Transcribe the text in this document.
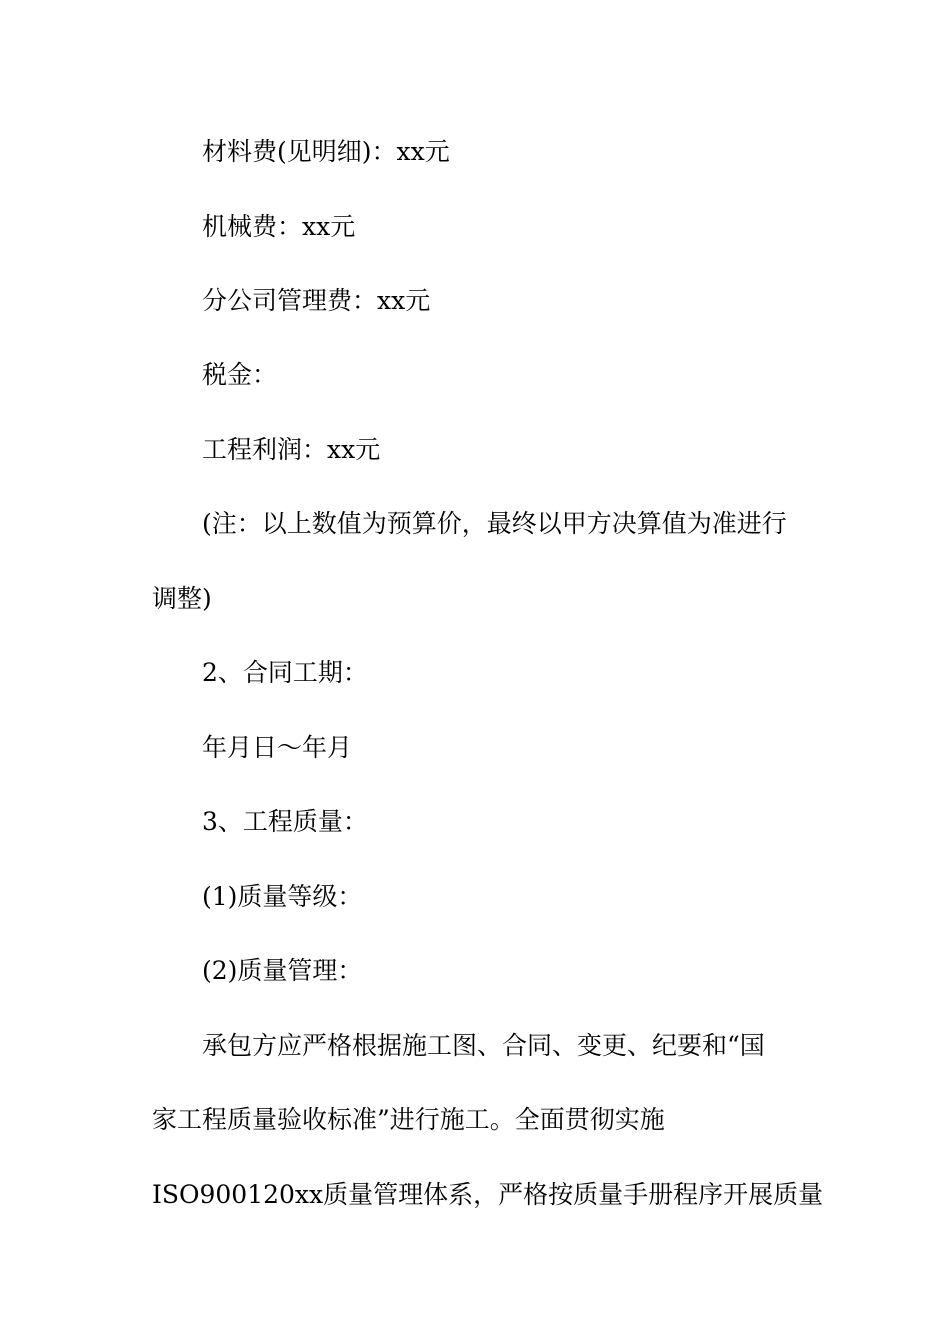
材料费(见明细)：xx元
机械费：xx元
分公司管理费：xx元
税金：
工程利润：xx元
(注：以上数值为预算价，最终以甲方决算值为准进行
调整)
2、合同工期：
年月日～年月
3、工程质量：
(1)质量等级：
(2)质量管理：
承包方应严格根据施工图、合同、变更、纪要和“国
家工程质量验收标准”进行施工。全面贯彻实施
ISO900120xx质量管理体系，严格按质量手册程序开展质量
